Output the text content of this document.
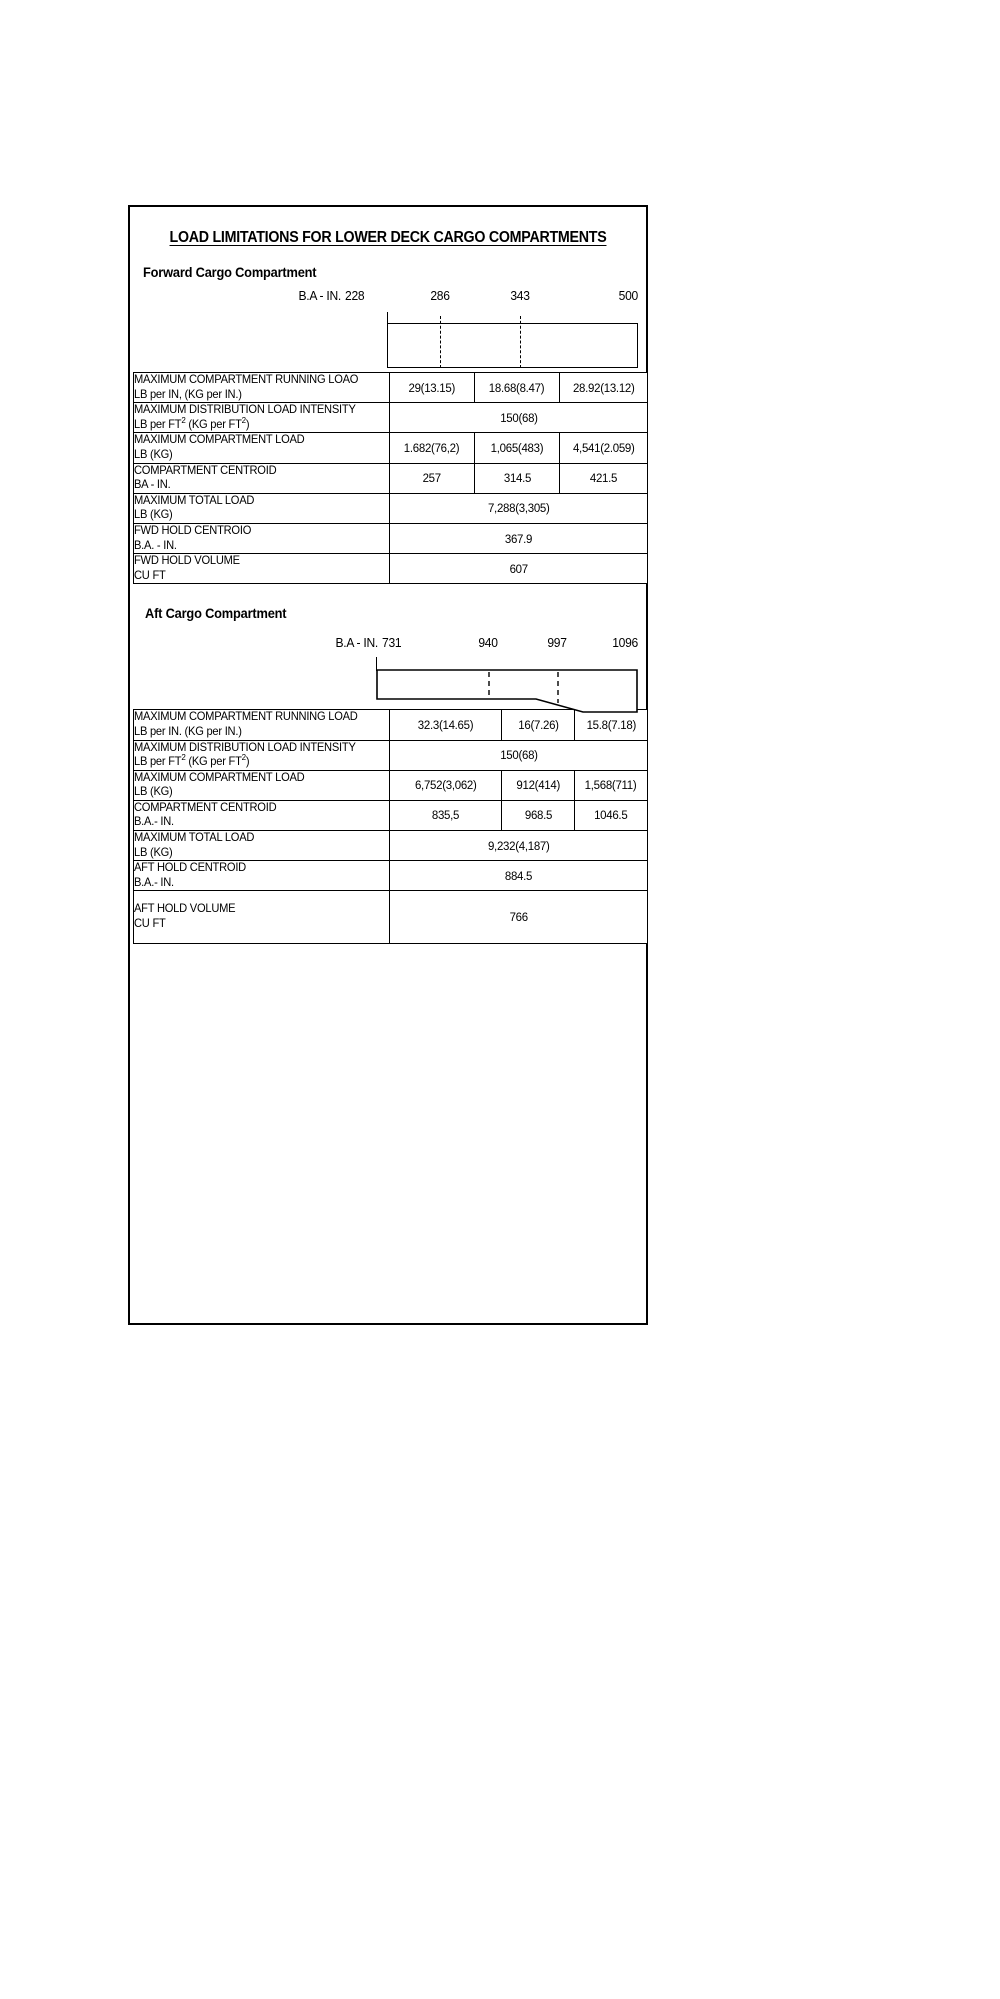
LOAD LIMITATIONS FOR LOWER DECK CARGO COMPARTMENTS
Forward Cargo Compartment
B.A - IN. 228	286	343	500
MAXIMUM COMPARTMENT RUNNING LOAO
LB per IN, (KG per IN.)	29(13.15)	18.68(8.47)	28.92(13.12)

MAXIMUM DISTRIBUTION LOAD INTENSITY
LB per $FT^2$ (KG per $FT^2$)	150(68)		

MAXIMUM COMPARTMENT LOAD
LB (KG)	1.682(76,2)	1,065(483)	4,541(2.059)

COMPARTMENT CENTROID
BA - IN.	257	314.5	421.5

MAXIMUM TOTAL LOAD
LB (KG)	7,288(3,305)		

FWD HOLD CENTROIO
B.A. - IN.	367.9		

FWD HOLD VOLUME
CU FT	607		
Aft Cargo Compartment
B.A - IN. 731	940	997	1096
MAXIMUM COMPARTMENT RUNNING LOAD
LB per IN. (KG per IN.)	32.3(14.65)	16(7.26)	15.8(7.18)

MAXIMUM DISTRIBUTION LOAD INTENSITY
LB per $FT^2$ (KG per $FT^2$)	150(68)		

MAXIMUM COMPARTMENT LOAD
LB (KG)	6,752(3,062)	912(414)	1,568(711)

COMPARTMENT CENTROID
B.A.- IN.	835,5	968.5	1046.5

MAXIMUM TOTAL LOAD
LB (KG)	9,232(4,187)		

AFT HOLD CENTROID
B.A.- IN.	884.5		

AFT HOLD VOLUME
CU FT	766		
